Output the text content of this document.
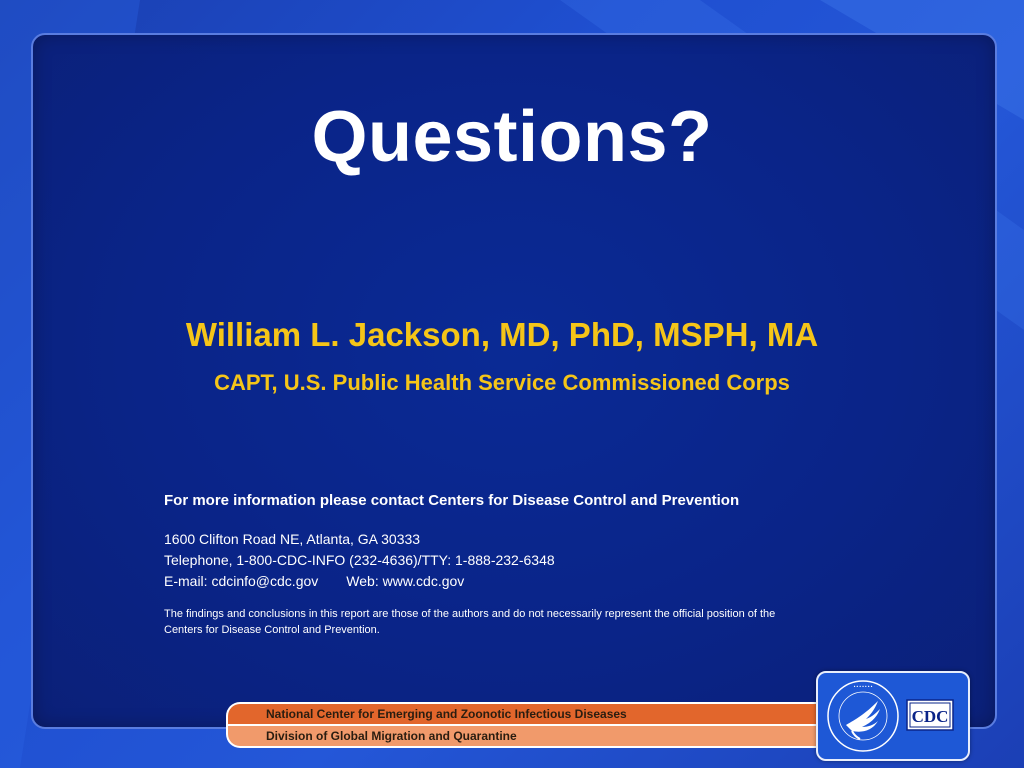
Questions?
William L. Jackson, MD, PhD, MSPH, MA
CAPT, U.S. Public Health Service Commissioned Corps
For more information please contact Centers for Disease Control and Prevention
1600 Clifton Road NE, Atlanta, GA 30333
Telephone, 1-800-CDC-INFO (232-4636)/TTY: 1-888-232-6348
E-mail: cdcinfo@cdc.gov Web: www.cdc.gov
The findings and conclusions in this report are those of the authors and do not necessarily represent the official position of the Centers for Disease Control and Prevention.
National Center for Emerging and Zoonotic Infectious Diseases
Division of Global Migration and Quarantine
• • • • • • •
CDC
